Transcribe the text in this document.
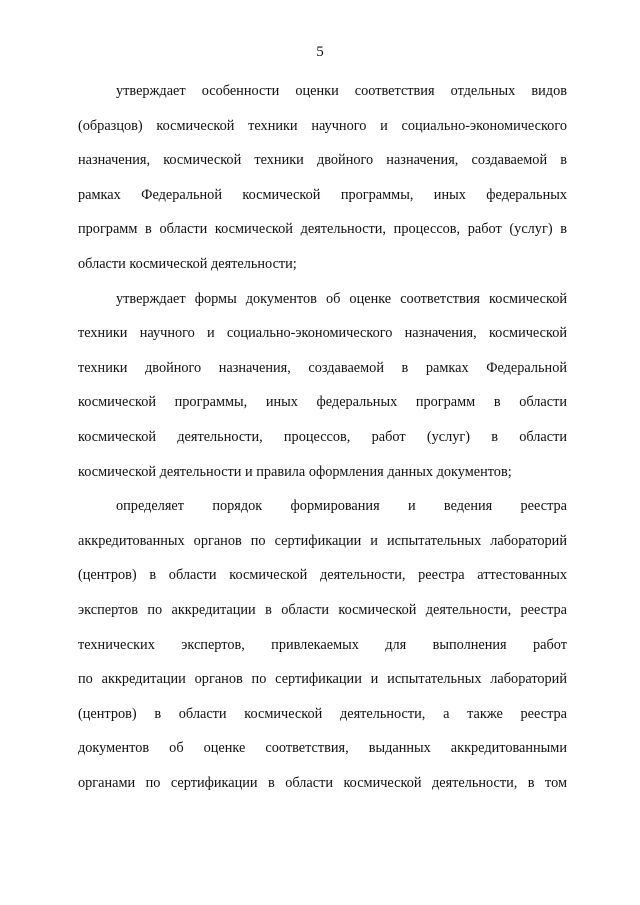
5
утверждает особенности оценки соответствия отдельных видов
(образцов) космической техники научного и социально-экономического
назначения, космической техники двойного назначения, создаваемой в
рамках Федеральной космической программы, иных федеральных
программ в области космической деятельности, процессов, работ (услуг) в
области космической деятельности;
утверждает формы документов об оценке соответствия космической
техники научного и социально-экономического назначения, космической
техники двойного назначения, создаваемой в рамках Федеральной
космической программы, иных федеральных программ в области
космической деятельности, процессов, работ (услуг) в области
космической деятельности и правила оформления данных документов;
определяет порядок формирования и ведения реестра
аккредитованных органов по сертификации и испытательных лабораторий
(центров) в области космической деятельности, реестра аттестованных
экспертов по аккредитации в области космической деятельности, реестра
технических экспертов, привлекаемых для выполнения работ
по аккредитации органов по сертификации и испытательных лабораторий
(центров) в области космической деятельности, а также реестра
документов об оценке соответствия, выданных аккредитованными
органами по сертификации в области космической деятельности, в том
